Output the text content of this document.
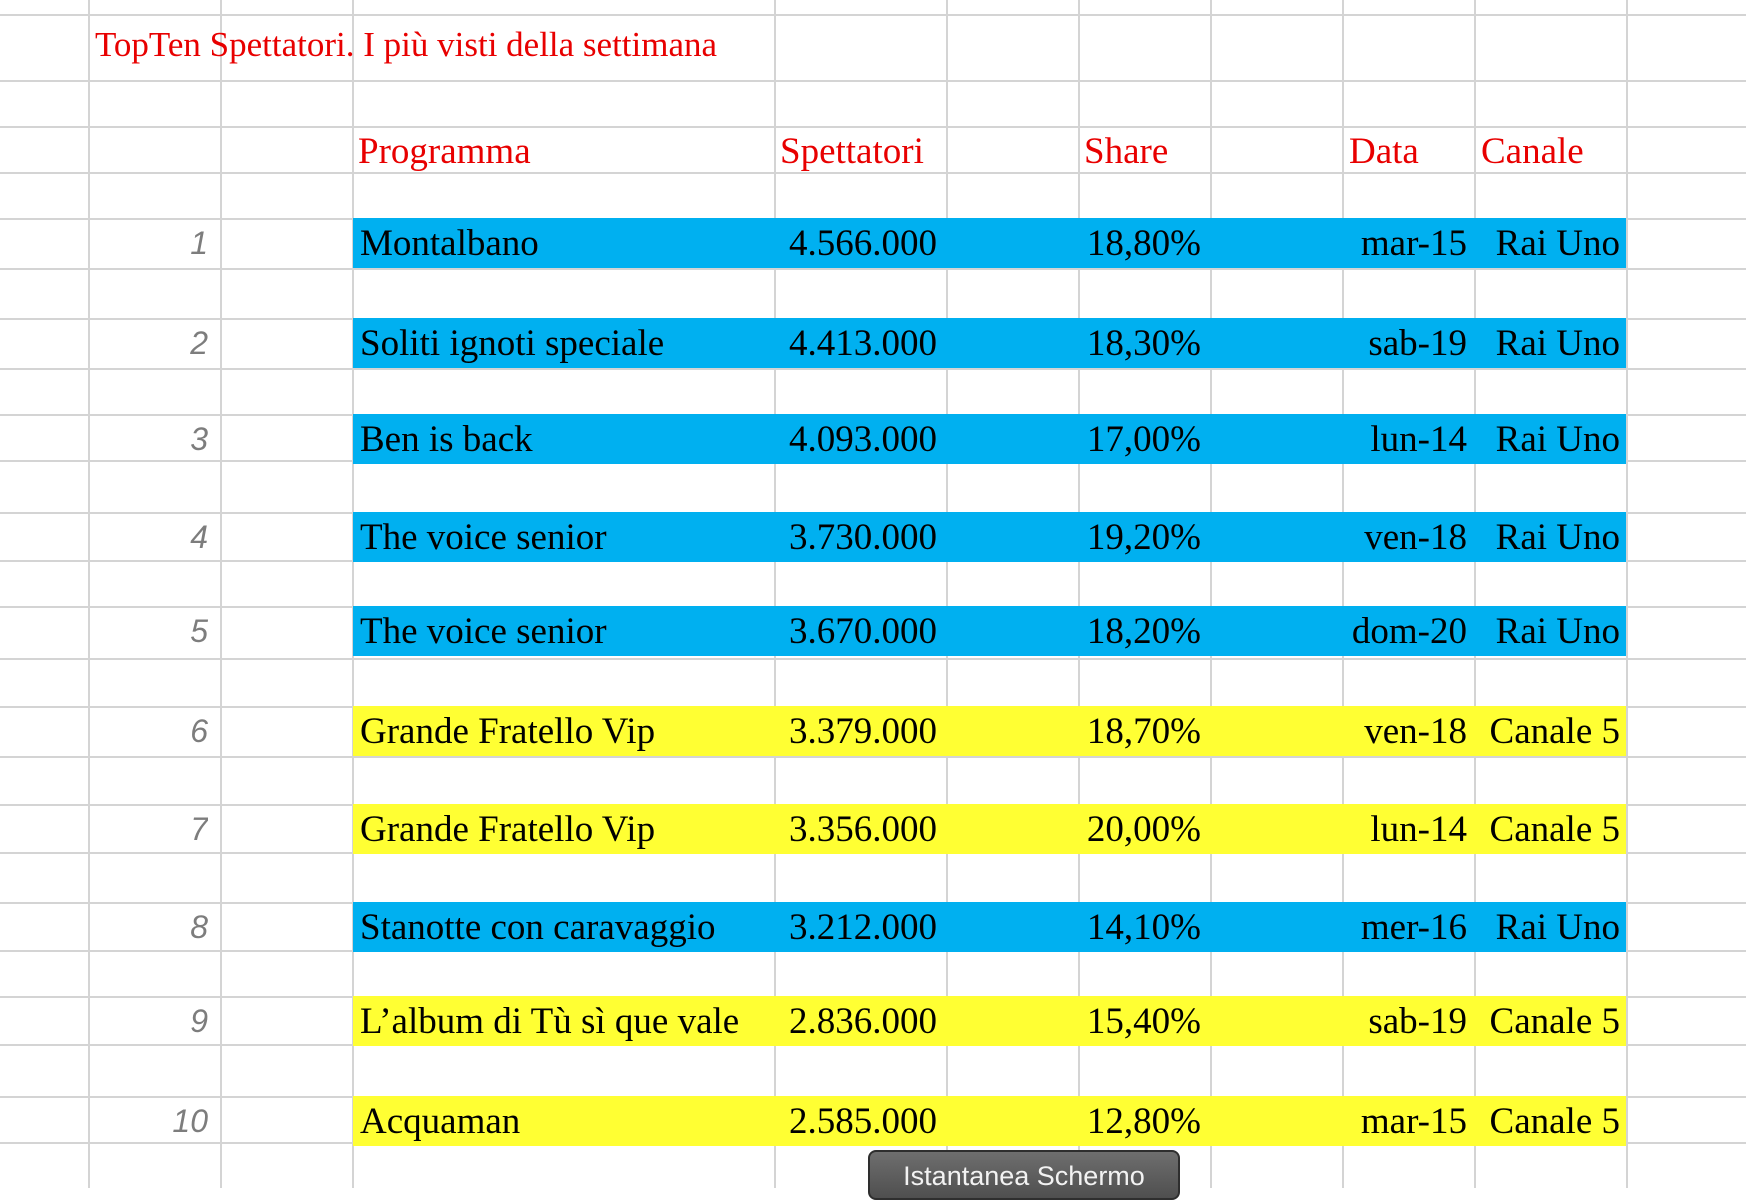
TopTen Spettatori. I più visti della settimana
Programma	Spettatori	Share	Data	Canale
1	Montalbano	4.566.000	18,80%	mar-15 Rai Uno
2	Soliti ignoti speciale	4.413.000	18,30%	sab-19 Rai Uno
3	Ben is back	4.093.000	17,00%	lun-14 Rai Uno
4	The voice senior	3.730.000	19,20%	ven-18 Rai Uno
5	The voice senior	3.670.000	18,20%	dom-20 Rai Uno
6	Grande Fratello Vip	3.379.000	18,70%	ven-18 Canale 5
7	Grande Fratello Vip	3.356.000	20,00%	lun-14 Canale 5
8	Stanotte con caravaggio	3.212.000	14,10%	mer-16 Rai Uno
9	L’album di Tù sì que vale	2.836.000	15,40%	sab-19 Canale 5
10	Acquaman	2.585.000	12,80%	mar-15 Canale 5
Istantanea Schermo
